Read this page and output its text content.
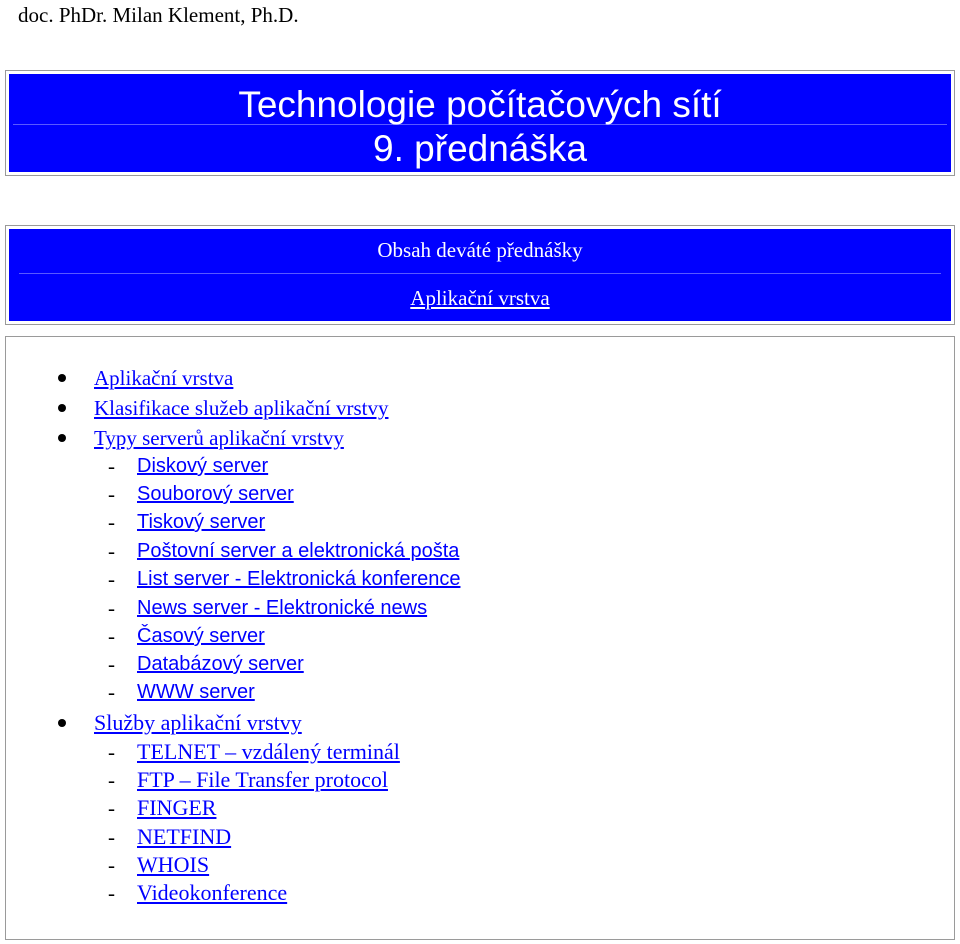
doc. PhDr. Milan Klement, Ph.D.
Technologie počítačových sítí
9. přednáška
Obsah deváté přednášky
Aplikační vrstva
Aplikační vrstva
Klasifikace služeb aplikační vrstvy
Typy serverů aplikační vrstvy
- Diskový server
- Souborový server
- Tiskový server
- Poštovní server a elektronická pošta
- List server - Elektronická konference
- News server - Elektronické news
- Časový server
- Databázový server
- WWW server
Služby aplikační vrstvy
- TELNET – vzdálený terminál
- FTP – File Transfer protocol
- FINGER
- NETFIND
- WHOIS
- Videokonference
